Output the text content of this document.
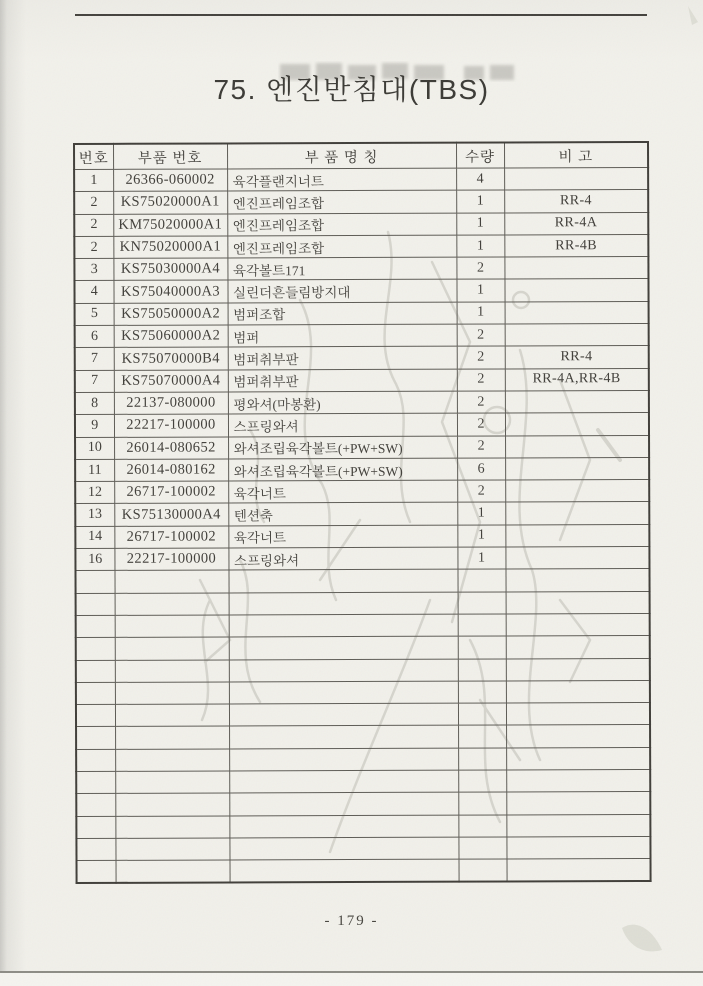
75. 엔진반침대(TBS)
번호	부품 번호	부 품 명 칭	수량	비 고
1	26366-060002	육각플랜지너트	4	
2	KS75020000A1	엔진프레임조합	1	RR-4
2	KM75020000A1	엔진프레임조합	1	RR-4A
2	KN75020000A1	엔진프레임조합	1	RR-4B
3	KS75030000A4	육각볼트171	2	
4	KS75040000A3	실린더흔들림방지대	1	
5	KS75050000A2	범퍼조합	1	
6	KS75060000A2	범퍼	2	
7	KS75070000B4	범퍼취부판	2	RR-4
7	KS75070000A4	범퍼취부판	2	RR-4A,RR-4B
8	22137-080000	평와셔(마봉환)	2	
9	22217-100000	스프링와셔	2	
10	26014-080652	와셔조립육각볼트(+PW+SW)	2	
11	26014-080162	와셔조립육각볼트(+PW+SW)	6	
12	26717-100002	육각너트	2	
13	KS75130000A4	텐션축	1	
14	26717-100002	육각너트	1	
16	22217-100000	스프링와셔	1	

- 179 -
